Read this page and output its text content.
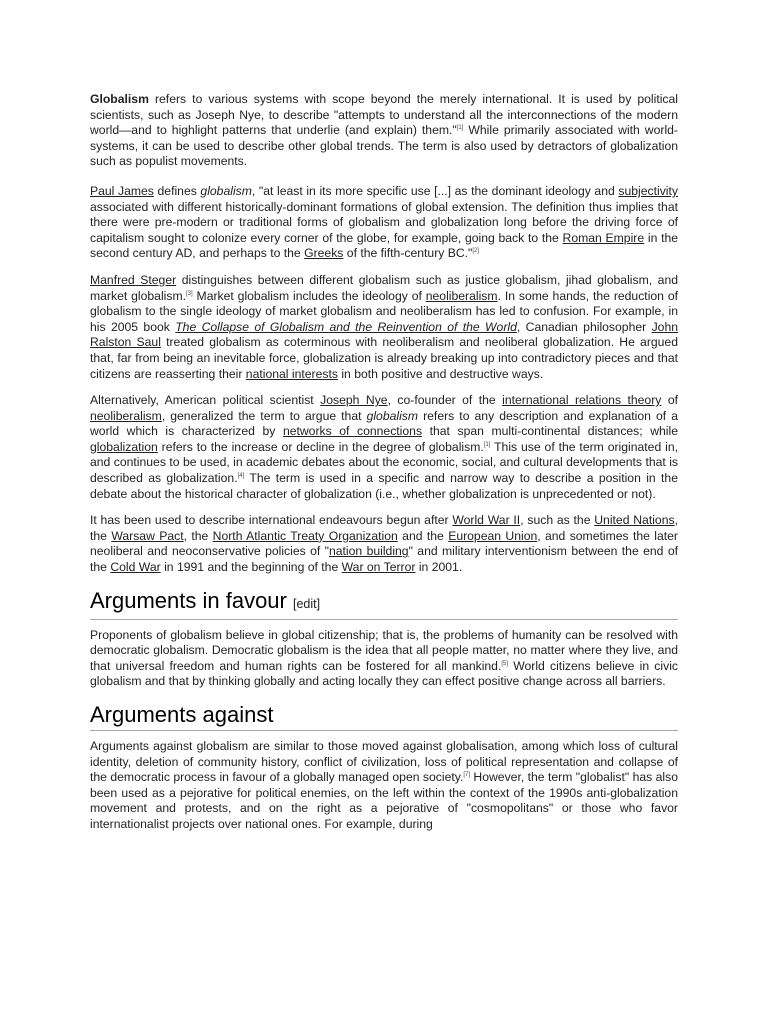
Globalism refers to various systems with scope beyond the merely international. It is used by political scientists, such as Joseph Nye, to describe "attempts to understand all the interconnections of the modern world—and to highlight patterns that underlie (and explain) them."[1] While primarily associated with world-systems, it can be used to describe other global trends. The term is also used by detractors of globalization such as populist movements.

Paul James defines globalism, "at least in its more specific use [...] as the dominant ideology and subjectivity associated with different historically-dominant formations of global extension. The definition thus implies that there were pre-modern or traditional forms of globalism and globalization long before the driving force of capitalism sought to colonize every corner of the globe, for example, going back to the Roman Empire in the second century AD, and perhaps to the Greeks of the fifth-century BC."[2]

Manfred Steger distinguishes between different globalism such as justice globalism, jihad globalism, and market globalism.[3] Market globalism includes the ideology of neoliberalism. In some hands, the reduction of globalism to the single ideology of market globalism and neoliberalism has led to confusion. For example, in his 2005 book The Collapse of Globalism and the Reinvention of the World, Canadian philosopher John Ralston Saul treated globalism as coterminous with neoliberalism and neoliberal globalization. He argued that, far from being an inevitable force, globalization is already breaking up into contradictory pieces and that citizens are reasserting their national interests in both positive and destructive ways.

Alternatively, American political scientist Joseph Nye, co-founder of the international relations theory of neoliberalism, generalized the term to argue that globalism refers to any description and explanation of a world which is characterized by networks of connections that span multi-continental distances; while globalization refers to the increase or decline in the degree of globalism.[1] This use of the term originated in, and continues to be used, in academic debates about the economic, social, and cultural developments that is described as globalization.[4] The term is used in a specific and narrow way to describe a position in the debate about the historical character of globalization (i.e., whether globalization is unprecedented or not).

It has been used to describe international endeavours begun after World War II, such as the United Nations, the Warsaw Pact, the North Atlantic Treaty Organization and the European Union, and sometimes the later neoliberal and neoconservative policies of "nation building" and military interventionism between the end of the Cold War in 1991 and the beginning of the War on Terror in 2001.

Arguments in favour [edit]

Proponents of globalism believe in global citizenship; that is, the problems of humanity can be resolved with democratic globalism. Democratic globalism is the idea that all people matter, no matter where they live, and that universal freedom and human rights can be fostered for all mankind.[5] World citizens believe in civic globalism and that by thinking globally and acting locally they can effect positive change across all barriers.

Arguments against

Arguments against globalism are similar to those moved against globalisation, among which loss of cultural identity, deletion of community history, conflict of civilization, loss of political representation and collapse of the democratic process in favour of a globally managed open society.[7] However, the term "globalist" has also been used as a pejorative for political enemies, on the left within the context of the 1990s anti-globalization movement and protests, and on the right as a pejorative of "cosmopolitans" or those who favor internationalist projects over national ones. For example, during
